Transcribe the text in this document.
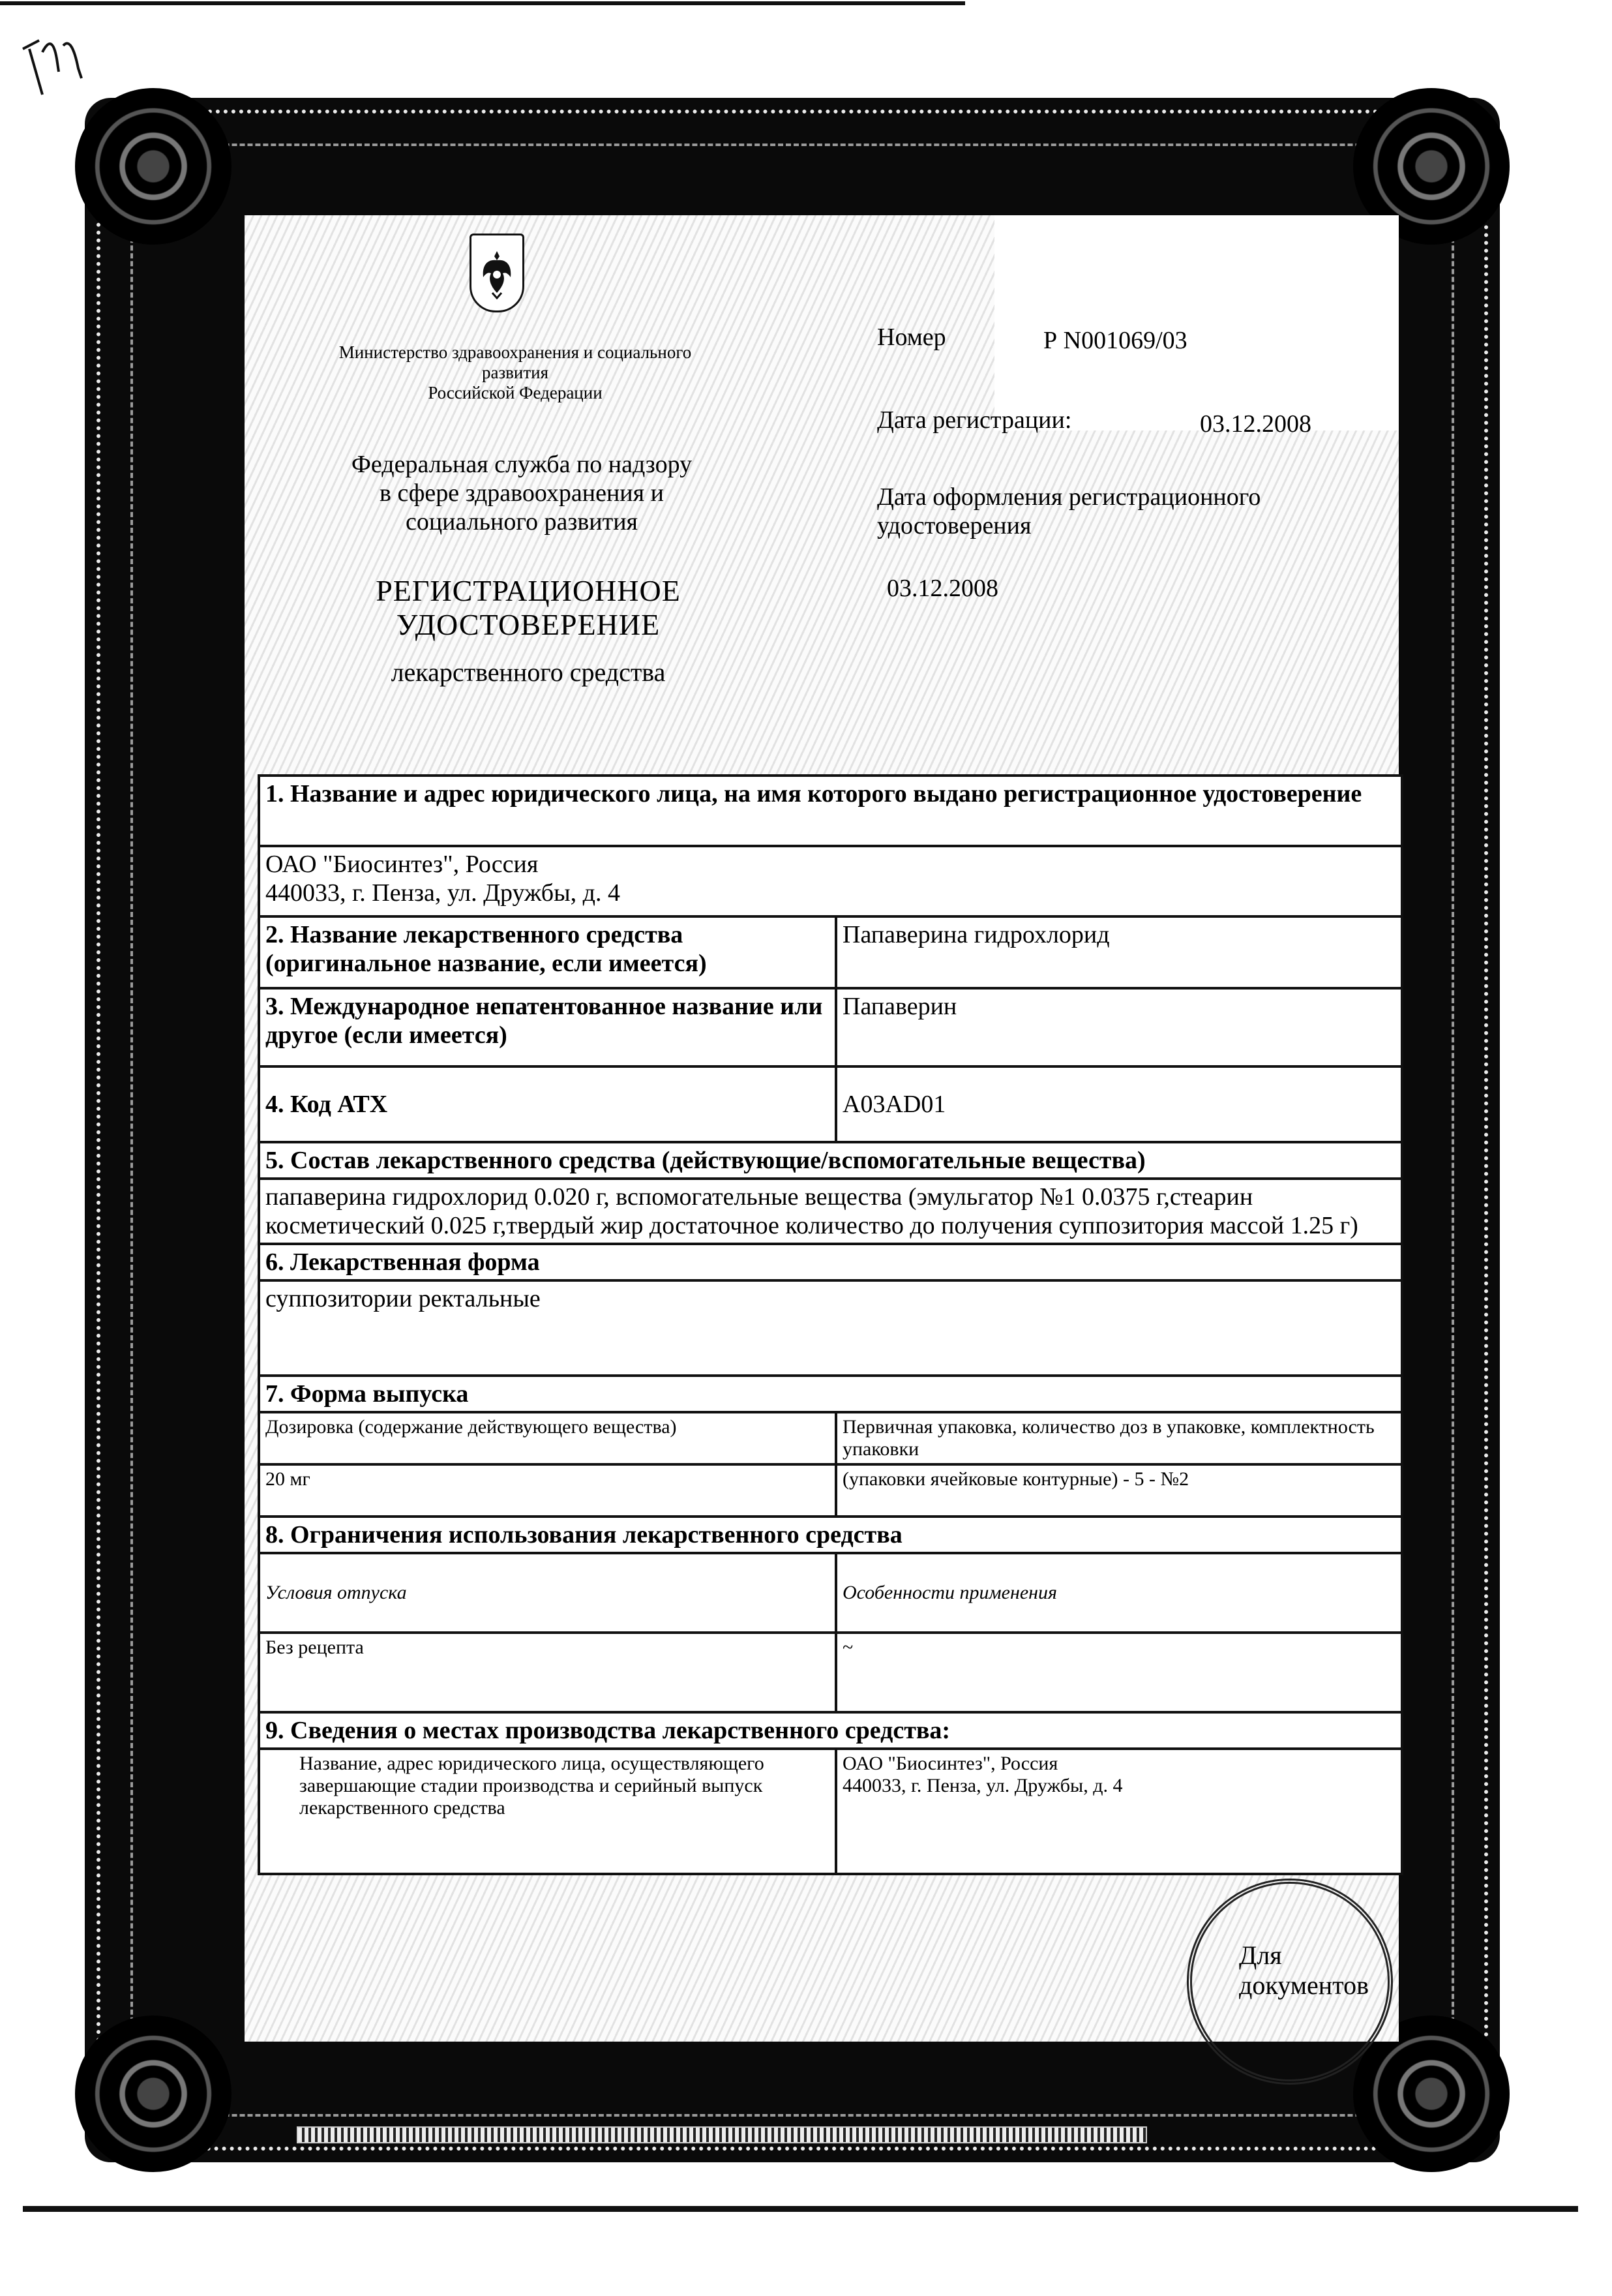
Министерство здравоохранения и социального
развития
Российской Федерации
Федеральная служба по надзору
в сфере здравоохранения и
социального развития
РЕГИСТРАЦИОННОЕ
УДОСТОВЕРЕНИЕ
лекарственного средства
Номер	Р N001069/03
Дата регистрации:	03.12.2008
Дата оформления регистрационного удостоверения
03.12.2008
1. Название и адрес юридического лица, на имя которого выдано регистрационное удостоверение	

ОАО "Биосинтез", Россия
440033, г. Пенза, ул. Дружбы, д. 4	

2. Название лекарственного средства (оригинальное название, если имеется)	Папаверина гидрохлорид
3. Международное непатентованное название или другое (если имеется)	Папаверин
4. Код АТХ	A03AD01
5. Состав лекарственного средства (действующие/вспомогательные вещества)	
папаверина гидрохлорид 0.020 г, вспомогательные вещества (эмульгатор №1 0.0375 г,стеарин косметический 0.025 г,твердый жир достаточное количество до получения суппозитория массой 1.25 г)	
6. Лекарственная форма	
суппозитории ректальные	
7. Форма выпуска	
Дозировка (содержание действующего вещества)	Первичная упаковка, количество доз в упаковке, комплектность упаковки
20 мг	(упаковки ячейковые контурные) - 5 - №2
8. Ограничения использования лекарственного средства	
Условия отпуска	Особенности применения
Без рецепта	~
9. Сведения о местах производства лекарственного средства:	
Название, адрес юридического лица, осуществляющего завершающие стадии производства и серийный выпуск лекарственного средства	ОАО "Биосинтез", Россия
440033, г. Пенза, ул. Дружбы, д. 4
Для
документов
